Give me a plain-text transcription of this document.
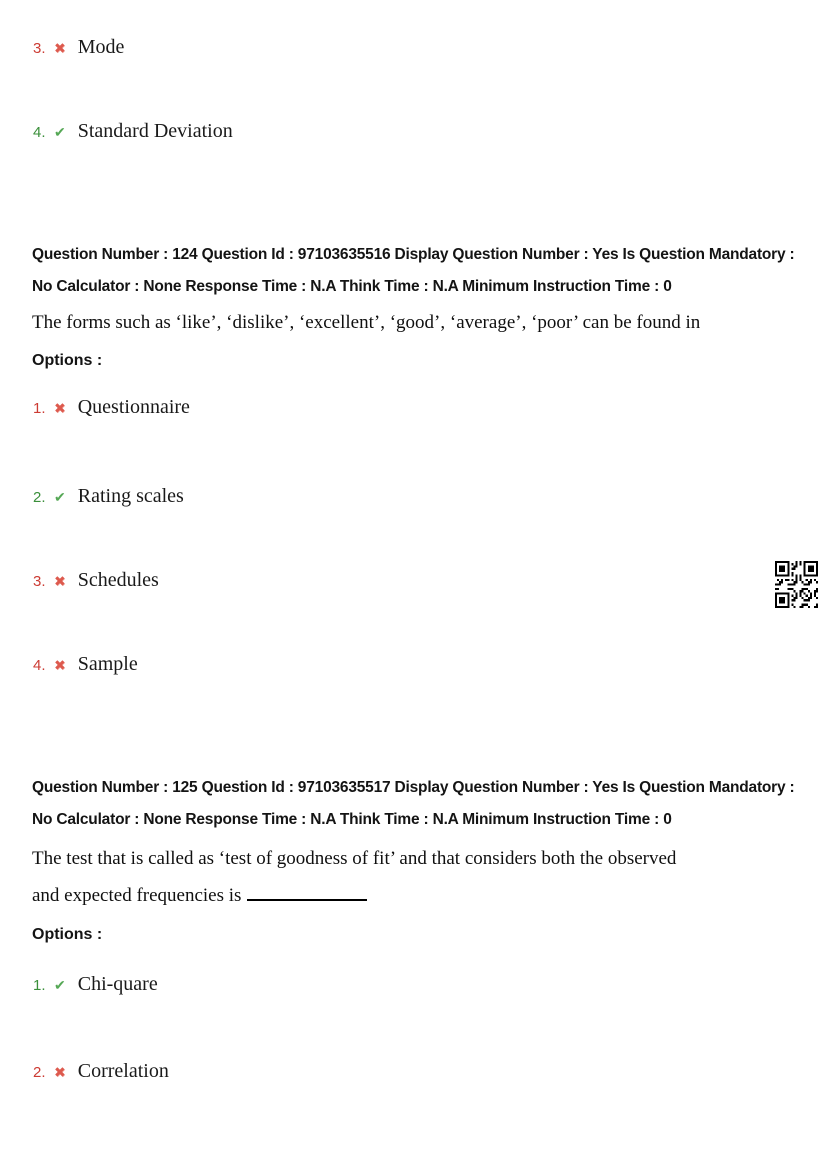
3. ✖ Mode
4. ✔ Standard Deviation
Question Number : 124 Question Id : 97103635516 Display Question Number : Yes Is Question Mandatory : No Calculator : None Response Time : N.A Think Time : N.A Minimum Instruction Time : 0
The forms such as ‘like’, ‘dislike’, ‘excellent’, ‘good’, ‘average’, ‘poor’ can be found in
Options :
1. ✖ Questionnaire
2. ✔ Rating scales
3. ✖ Schedules
4. ✖ Sample
Question Number : 125 Question Id : 97103635517 Display Question Number : Yes Is Question Mandatory : No Calculator : None Response Time : N.A Think Time : N.A Minimum Instruction Time : 0
The test that is called as ‘test of goodness of fit’ and that considers both the observed
and expected frequencies is
Options :
1. ✔ Chi-quare
2. ✖ Correlation
